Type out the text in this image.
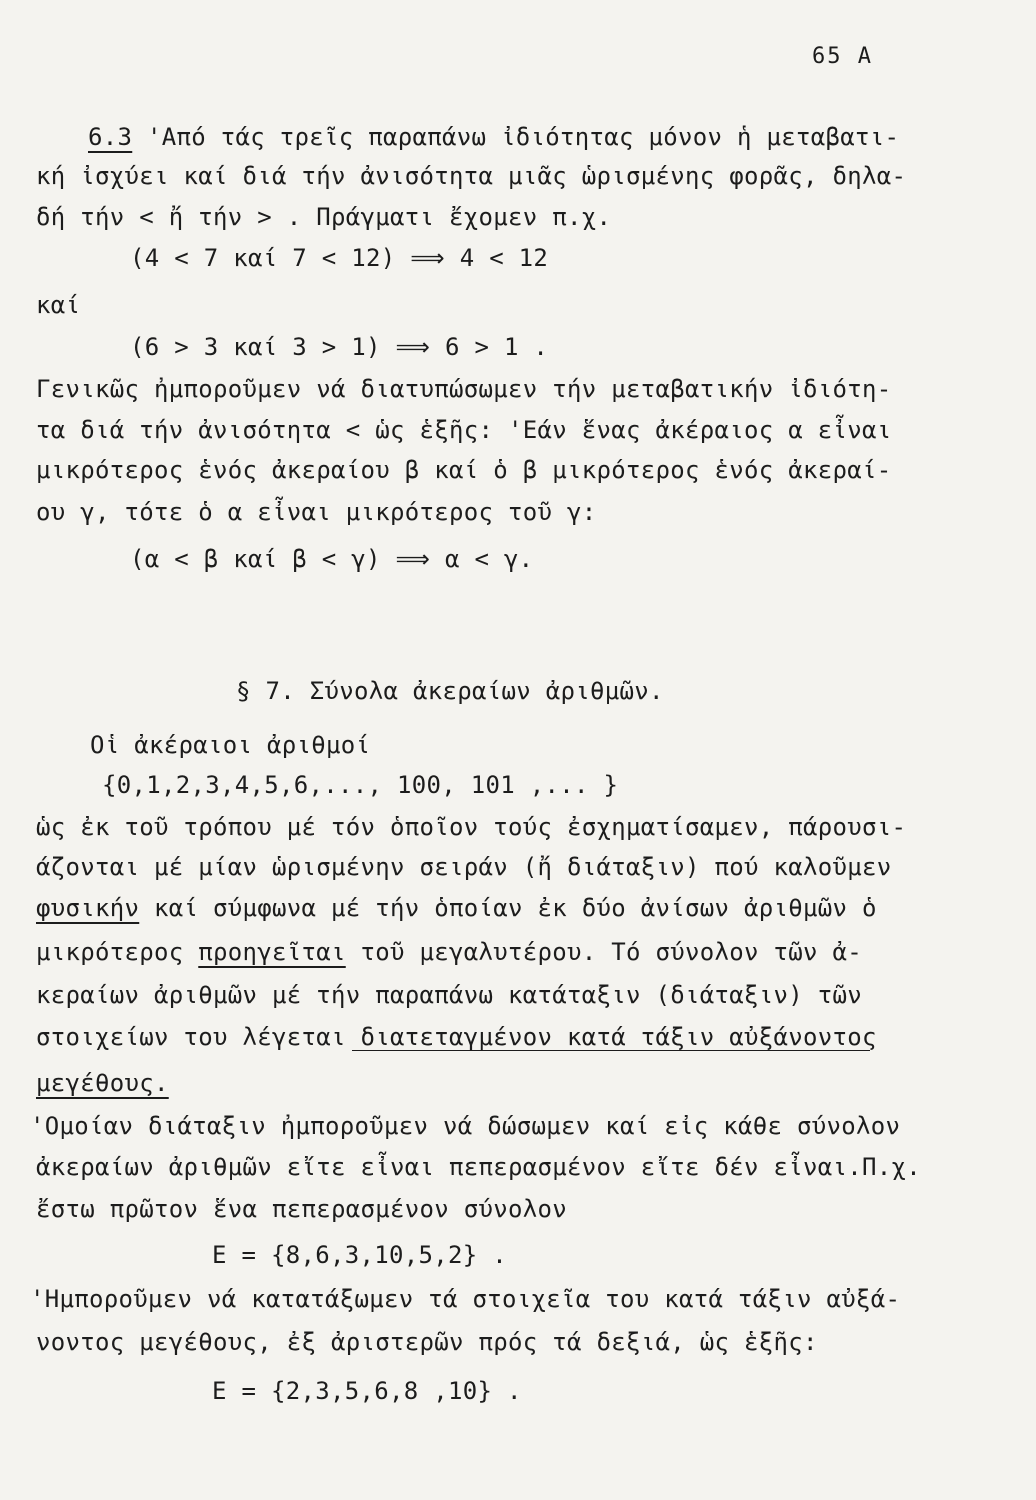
65 A
6.3 'Από τάς τρεῖς παραπάνω ἰδιότητας μόνον ἡ μεταβατι-
κή ἰσχύει καί διά τήν ἀνισότητα μιᾶς ὡρισμένης φορᾶς, δηλα-
δή τήν < ἤ τήν > . Πράγματι ἔχομεν π.χ.
(4 < 7 καί 7 < 12) ⟹ 4 < 12
καί
(6 > 3 καί 3 > 1) ⟹ 6 > 1 .
Γενικῶς ἠμποροῦμεν νά διατυπώσωμεν τήν μεταβατικήν ἰδιότη-
τα διά τήν ἀνισότητα < ὡς ἑξῆς: 'Εάν ἕνας ἀκέραιος α εἶναι
μικρότερος ἑνός ἀκεραίου β καί ὁ β μικρότερος ἑνός ἀκεραί-
ου γ, τότε ὁ α εἶναι μικρότερος τοῦ γ:
(α < β καί β < γ) ⟹ α < γ.
§ 7. Σύνολα ἀκεραίων ἀριθμῶν.
Οἱ ἀκέραιοι ἀριθμοί
{0,1,2,3,4,5,6,..., 100, 101 ,... }
ὡς ἐκ τοῦ τρόπου μέ τόν ὁποῖον τούς ἐσχηματίσαμεν, πάρουσι-
άζονται μέ μίαν ὡρισμένην σειράν (ἤ διάταξιν) πού καλοῦμεν
φυσικήν καί σύμφωνα μέ τήν ὁποίαν ἐκ δύο ἀνίσων ἀριθμῶν ὁ
μικρότερος προηγεῖται τοῦ μεγαλυτέρου. Τό σύνολον τῶν ἀ-
κεραίων ἀριθμῶν μέ τήν παραπάνω κατάταξιν (διάταξιν) τῶν
στοιχείων του λέγεται διατεταγμένον κατά τάξιν αὐξάνοντος
μεγέθους.
'Ομοίαν διάταξιν ἠμποροῦμεν νά δώσωμεν καί εἰς κάθε σύνολον
ἀκεραίων ἀριθμῶν εἴτε εἶναι πεπερασμένον εἴτε δέν εἶναι.Π.χ.
ἔστω πρῶτον ἕνα πεπερασμένον σύνολον
E = {8,6,3,10,5,2} .
'Ημποροῦμεν νά κατατάξωμεν τά στοιχεῖα του κατά τάξιν αὐξά-
νοντος μεγέθους, ἐξ ἀριστερῶν πρός τά δεξιά, ὡς ἑξῆς:
E = {2,3,5,6,8 ,10} .
